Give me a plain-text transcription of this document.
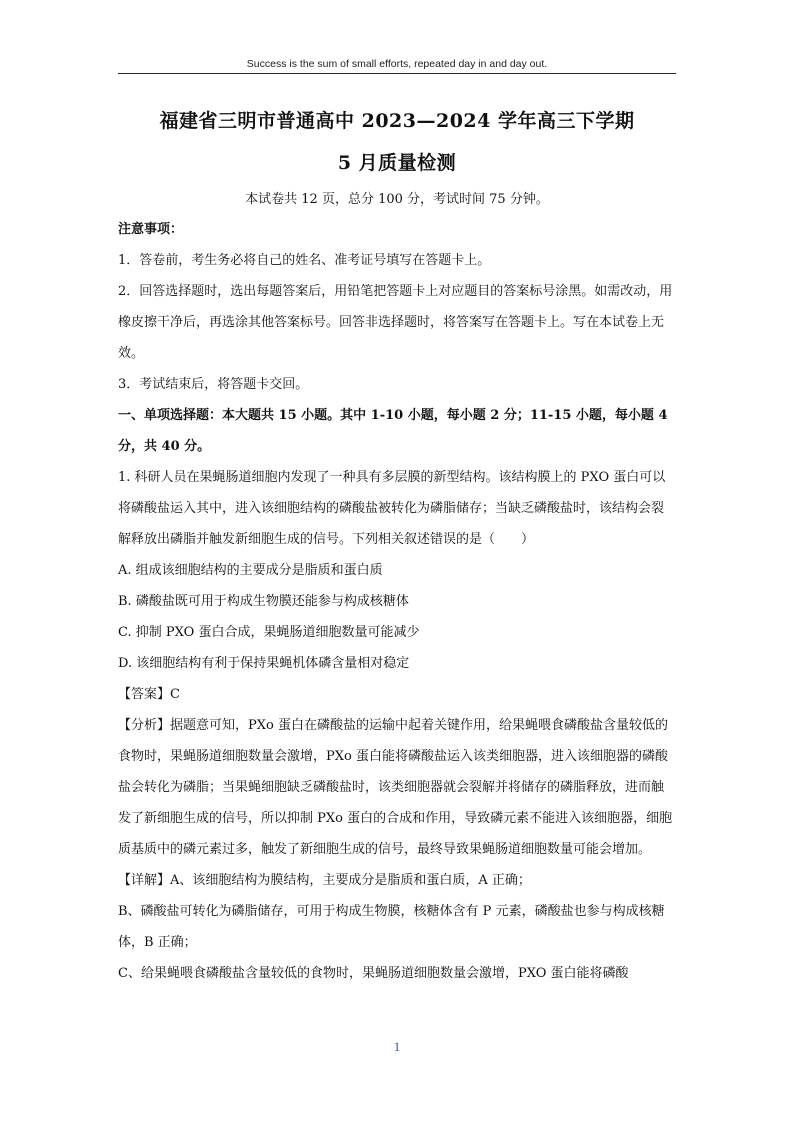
Success is the sum of small efforts, repeated day in and day out.
福建省三明市普通高中 2023—2024 学年高三下学期
5 月质量检测
本试卷共 12 页，总分 100 分，考试时间 75 分钟。

注意事项：

1．答卷前，考生务必将自己的姓名、准考证号填写在答题卡上。

2．回答选择题时，选出每题答案后，用铅笔把答题卡上对应题目的答案标号涂黑。如需改动，用橡皮擦干净后，再选涂其他答案标号。回答非选择题时，将答案写在答题卡上。写在本试卷上无效。

3．考试结束后，将答题卡交回。

一、单项选择题：本大题共 15 小题。其中 1-10 小题，每小题 2 分；11-15 小题，每小题 4 分，共 40 分。

1. 科研人员在果蝇肠道细胞内发现了一种具有多层膜的新型结构。该结构膜上的 PXO 蛋白可以将磷酸盐运入其中，进入该细胞结构的磷酸盐被转化为磷脂储存；当缺乏磷酸盐时，该结构会裂解释放出磷脂并触发新细胞生成的信号。下列相关叙述错误的是（　　）

A. 组成该细胞结构的主要成分是脂质和蛋白质

B. 磷酸盐既可用于构成生物膜还能参与构成核糖体

C. 抑制 PXO 蛋白合成，果蝇肠道细胞数量可能减少

D. 该细胞结构有利于保持果蝇机体磷含量相对稳定

【答案】C

【分析】据题意可知，PXo 蛋白在磷酸盐的运输中起着关键作用，给果蝇喂食磷酸盐含量较低的食物时，果蝇肠道细胞数量会激增，PXo 蛋白能将磷酸盐运入该类细胞器，进入该细胞器的磷酸盐会转化为磷脂；当果蝇细胞缺乏磷酸盐时，该类细胞器就会裂解并将储存的磷脂释放，进而触发了新细胞生成的信号，所以抑制 PXo 蛋白的合成和作用，导致磷元素不能进入该细胞器，细胞质基质中的磷元素过多，触发了新细胞生成的信号，最终导致果蝇肠道细胞数量可能会增加。

【详解】A、该细胞结构为膜结构，主要成分是脂质和蛋白质，A 正确；

B、磷酸盐可转化为磷脂储存，可用于构成生物膜，核糖体含有 P 元素，磷酸盐也参与构成核糖体，B 正确；

C、给果蝇喂食磷酸盐含量较低的食物时，果蝇肠道细胞数量会激增，PXO 蛋白能将磷酸

1
